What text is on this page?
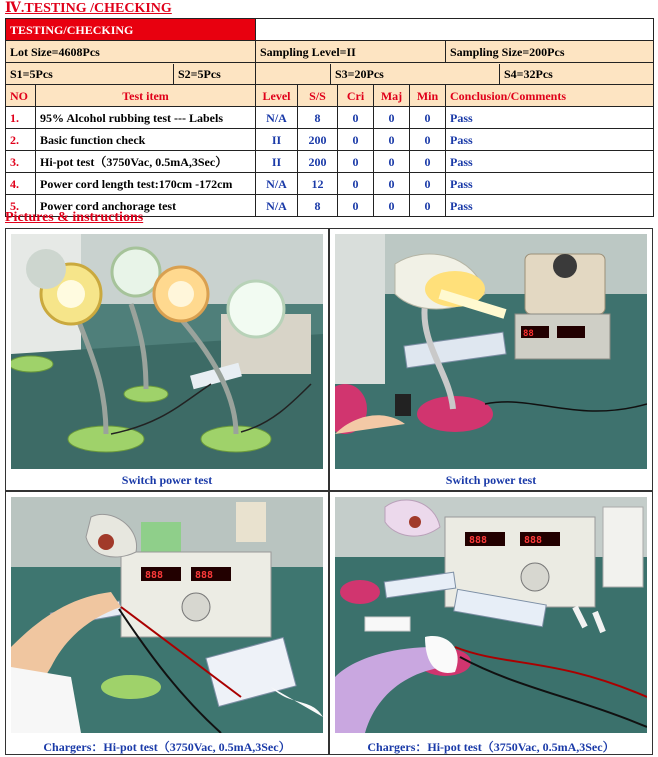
Ⅳ.TESTING /CHECKING
TESTING/CHECKING							
Lot Size=4608Pcs		Sampling Level=II					Sampling Size=200Pcs

S1=5Pcs S2=5Pcs		S3=20Pcs S4=32Pcs					

NO	Test item	Level	S/S	Cri	Maj	Min	Conclusion/Comments
1.	95% Alcohol rubbing test --- Labels	N/A	8	0	0	0	Pass
2.	Basic function check	II	200	0	0	0	Pass
3.	Hi-pot test（3750Vac, 0.5mA,3Sec）	II	200	0	0	0	Pass
4.	Power cord length test:170cm -172cm	N/A	12	0	0	0	Pass
5.	Power cord anchorage test	N/A	8	0	0	0	Pass
Pictures & instructions
Switch power test
88
Switch power test
888	888
Chargers：Hi-pot test（3750Vac, 0.5mA,3Sec）
888	888
Chargers：Hi-pot test（3750Vac, 0.5mA,3Sec）
